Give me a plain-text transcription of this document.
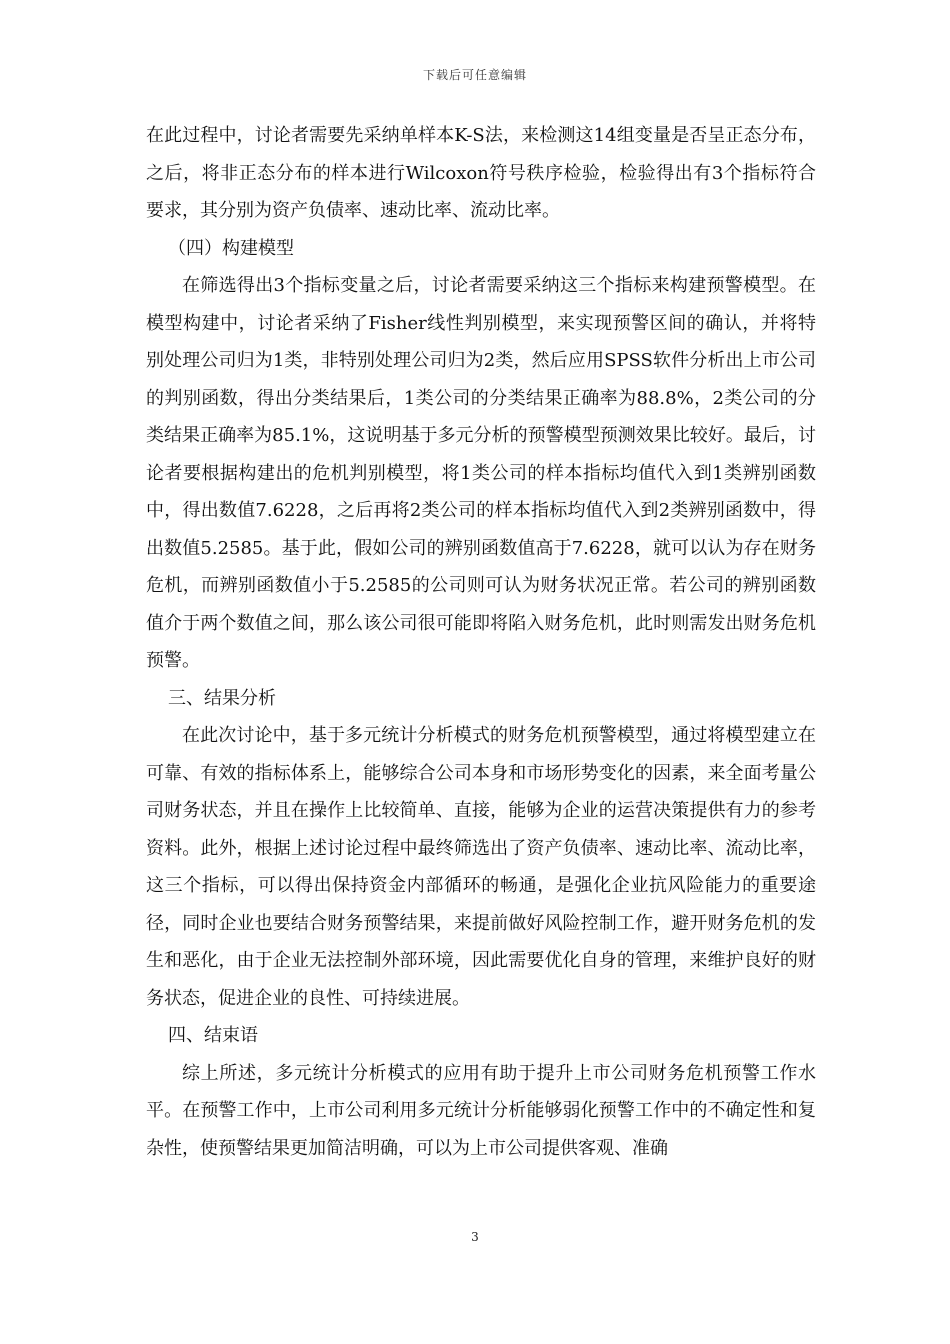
下载后可任意编辑

在此过程中，讨论者需要先采纳单样本K-S法，来检测这14组变量是否呈正态分布，之后，将非正态分布的样本进行Wilcoxon符号秩序检验，检验得出有3个指标符合要求，其分别为资产负债率、速动比率、流动比率。

（四）构建模型

在筛选得出3个指标变量之后，讨论者需要采纳这三个指标来构建预警模型。在模型构建中，讨论者采纳了Fisher线性判别模型，来实现预警区间的确认，并将特别处理公司归为1类，非特别处理公司归为2类，然后应用SPSS软件分析出上市公司的判别函数，得出分类结果后，1类公司的分类结果正确率为88.8%，2类公司的分类结果正确率为85.1%，这说明基于多元分析的预警模型预测效果比较好。最后，讨论者要根据构建出的危机判别模型，将1类公司的样本指标均值代入到1类辨别函数中，得出数值7.6228，之后再将2类公司的样本指标均值代入到2类辨别函数中，得出数值5.2585。基于此，假如公司的辨别函数值高于7.6228，就可以认为存在财务危机，而辨别函数值小于5.2585的公司则可认为财务状况正常。若公司的辨别函数值介于两个数值之间，那么该公司很可能即将陷入财务危机，此时则需发出财务危机预警。

三、结果分析

在此次讨论中，基于多元统计分析模式的财务危机预警模型，通过将模型建立在可靠、有效的指标体系上，能够综合公司本身和市场形势变化的因素，来全面考量公司财务状态，并且在操作上比较简单、直接，能够为企业的运营决策提供有力的参考资料。此外，根据上述讨论过程中最终筛选出了资产负债率、速动比率、流动比率，这三个指标，可以得出保持资金内部循环的畅通，是强化企业抗风险能力的重要途径，同时企业也要结合财务预警结果，来提前做好风险控制工作，避开财务危机的发生和恶化，由于企业无法控制外部环境，因此需要优化自身的管理，来维护良好的财务状态，促进企业的良性、可持续进展。

四、结束语

综上所述，多元统计分析模式的应用有助于提升上市公司财务危机预警工作水平。在预警工作中，上市公司利用多元统计分析能够弱化预警工作中的不确定性和复杂性，使预警结果更加简洁明确，可以为上市公司提供客观、准确

3
